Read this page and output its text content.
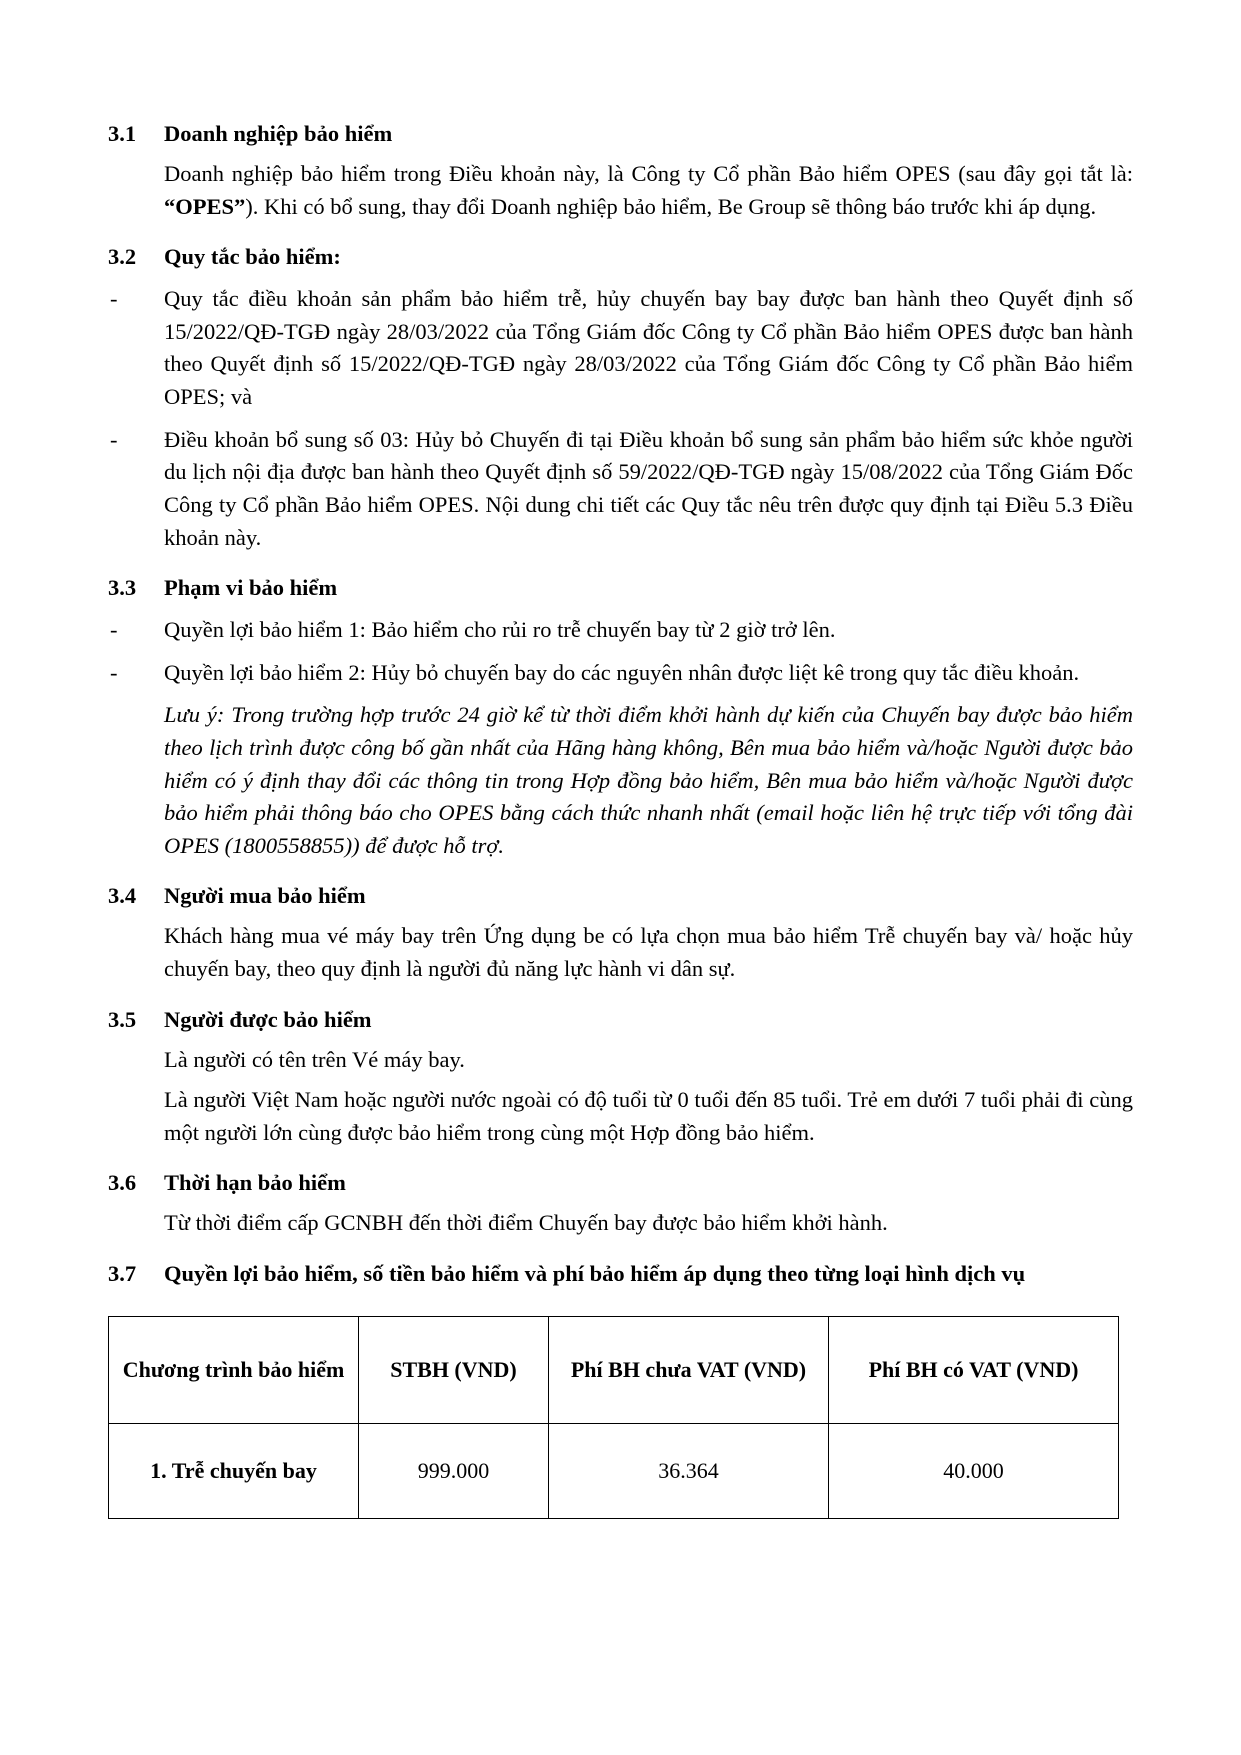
3.1	Doanh nghiệp bảo hiểm
Doanh nghiệp bảo hiểm trong Điều khoản này, là Công ty Cổ phần Bảo hiểm OPES (sau đây gọi tắt là: “OPES”). Khi có bổ sung, thay đổi Doanh nghiệp bảo hiểm, Be Group sẽ thông báo trước khi áp dụng.
3.2	Quy tắc bảo hiểm:
-	Quy tắc điều khoản sản phẩm bảo hiểm trễ, hủy chuyến bay bay được ban hành theo Quyết định số 15/2022/QĐ-TGĐ ngày 28/03/2022 của Tổng Giám đốc Công ty Cổ phần Bảo hiểm OPES được ban hành theo Quyết định số 15/2022/QĐ-TGĐ ngày 28/03/2022 của Tổng Giám đốc Công ty Cổ phần Bảo hiểm OPES; và
-	Điều khoản bổ sung số 03: Hủy bỏ Chuyến đi tại Điều khoản bổ sung sản phẩm bảo hiểm sức khỏe người du lịch nội địa được ban hành theo Quyết định số 59/2022/QĐ-TGĐ ngày 15/08/2022 của Tổng Giám Đốc Công ty Cổ phần Bảo hiểm OPES. Nội dung chi tiết các Quy tắc nêu trên được quy định tại Điều 5.3 Điều khoản này.
3.3	Phạm vi bảo hiểm
-	Quyền lợi bảo hiểm 1: Bảo hiểm cho rủi ro trễ chuyến bay từ 2 giờ trở lên.
-	Quyền lợi bảo hiểm 2: Hủy bỏ chuyến bay do các nguyên nhân được liệt kê trong quy tắc điều khoản.
Lưu ý: Trong trường hợp trước 24 giờ kể từ thời điểm khởi hành dự kiến của Chuyến bay được bảo hiểm theo lịch trình được công bố gần nhất của Hãng hàng không, Bên mua bảo hiểm và/hoặc Người được bảo hiểm có ý định thay đổi các thông tin trong Hợp đồng bảo hiểm, Bên mua bảo hiểm và/hoặc Người được bảo hiểm phải thông báo cho OPES bằng cách thức nhanh nhất (email hoặc liên hệ trực tiếp với tổng đài OPES (1800558855)) để được hỗ trợ.
3.4	Người mua bảo hiểm
Khách hàng mua vé máy bay trên Ứng dụng be có lựa chọn mua bảo hiểm Trễ chuyến bay và/ hoặc hủy chuyến bay, theo quy định là người đủ năng lực hành vi dân sự.
3.5	Người được bảo hiểm
Là người có tên trên Vé máy bay.
Là người Việt Nam hoặc người nước ngoài có độ tuổi từ 0 tuổi đến 85 tuổi. Trẻ em dưới 7 tuổi phải đi cùng một người lớn cùng được bảo hiểm trong cùng một Hợp đồng bảo hiểm.
3.6	Thời hạn bảo hiểm
Từ thời điểm cấp GCNBH đến thời điểm Chuyến bay được bảo hiểm khởi hành.
3.7	Quyền lợi bảo hiểm, số tiền bảo hiểm và phí bảo hiểm áp dụng theo từng loại hình dịch vụ
Chương trình bảo hiểm	STBH (VND)	Phí BH chưa VAT (VND)	Phí BH có VAT (VND)
1. Trễ chuyến bay	999.000	36.364	40.000
